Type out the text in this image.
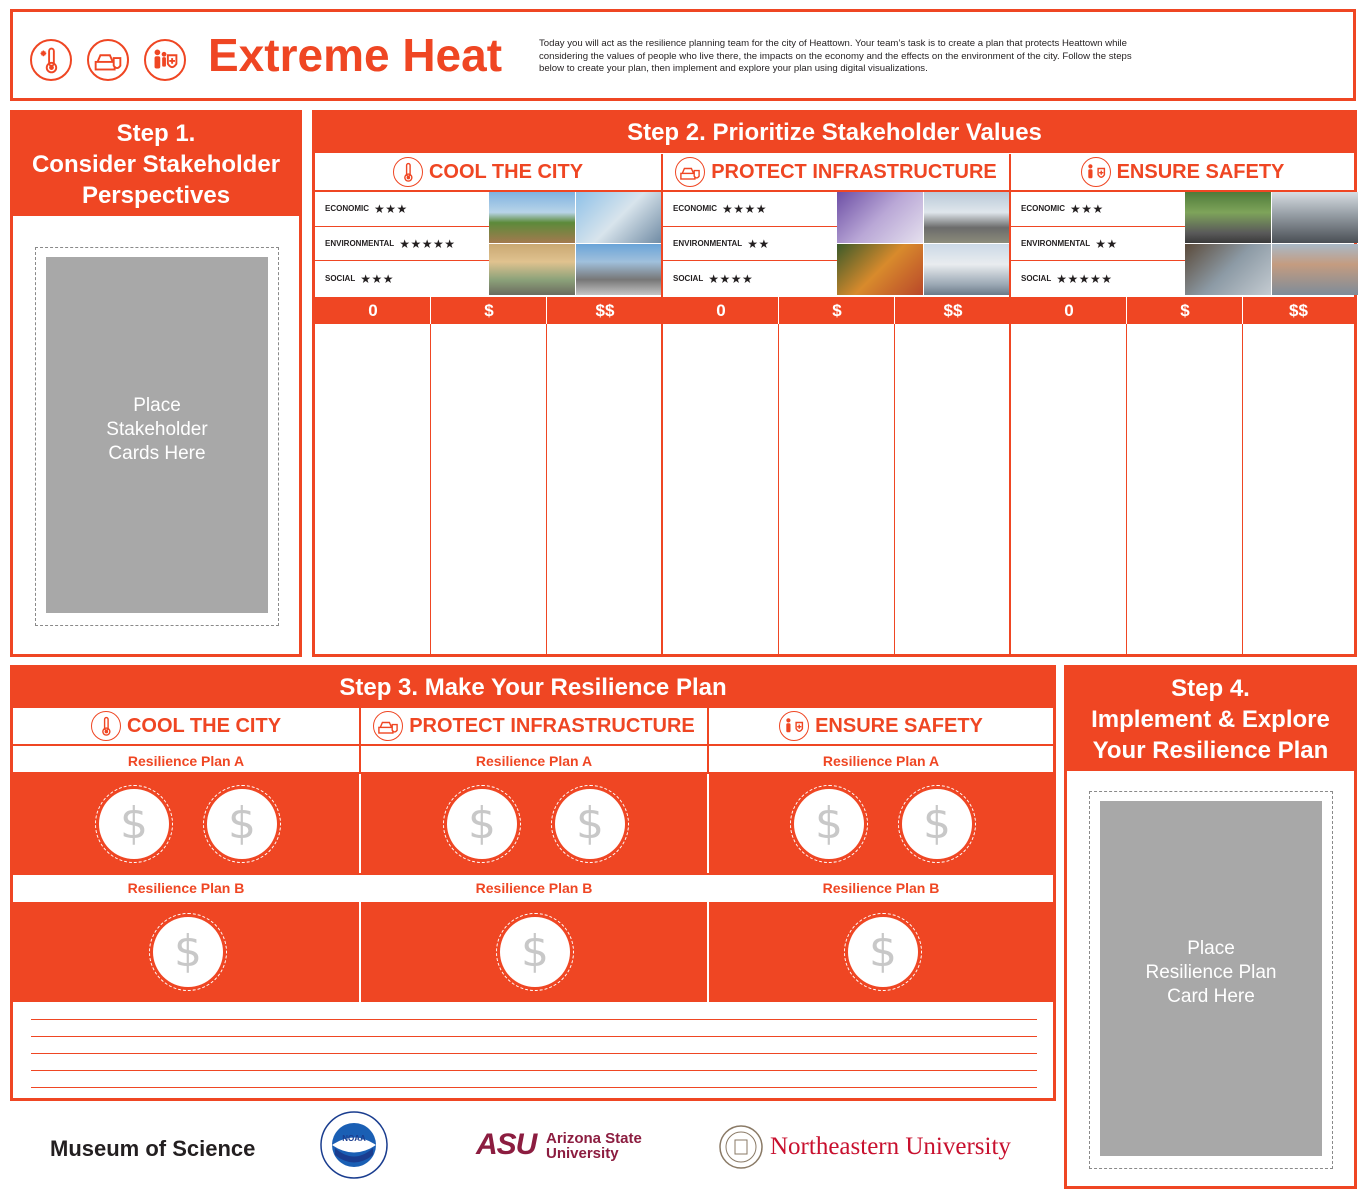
Extreme Heat	Today you will act as the resilience planning team for the city of Heattown. Your team’s task is to create a plan that protects Heattown while considering the values of people who live there, the impacts on the economy and the effects on the environment of the city. Follow the steps below to create your plan, then implement and explore your plan using digital visualizations.
Step 1.
Consider Stakeholder
Perspectives
Place
Stakeholder
Cards Here
Step 2. Prioritize Stakeholder Values
COOL THE CITY	PROTECT INFRASTRUCTURE	ENSURE SAFETY
ECONOMIC ★★★
ENVIRONMENTAL ★★★★★
SOCIAL ★★★
ECONOMIC ★★★★
ENVIRONMENTAL ★★
SOCIAL ★★★★
ECONOMIC ★★★
ENVIRONMENTAL ★★
SOCIAL ★★★★★
0	$	$$	0	$	$$	0	$	$$
Step 3. Make Your Resilience Plan
COOL THE CITY	PROTECT INFRASTRUCTURE	ENSURE SAFETY
Resilience Plan A	Resilience Plan A	Resilience Plan A
$	$	$	$	$	$
Resilience Plan B	Resilience Plan B	Resilience Plan B
$	$	$
Step 4.
Implement & Explore
Your Resilience Plan
Place
Resilience Plan
Card Here
Museum of Science	NOAA	ASU Arizona State
University	Northeastern University
